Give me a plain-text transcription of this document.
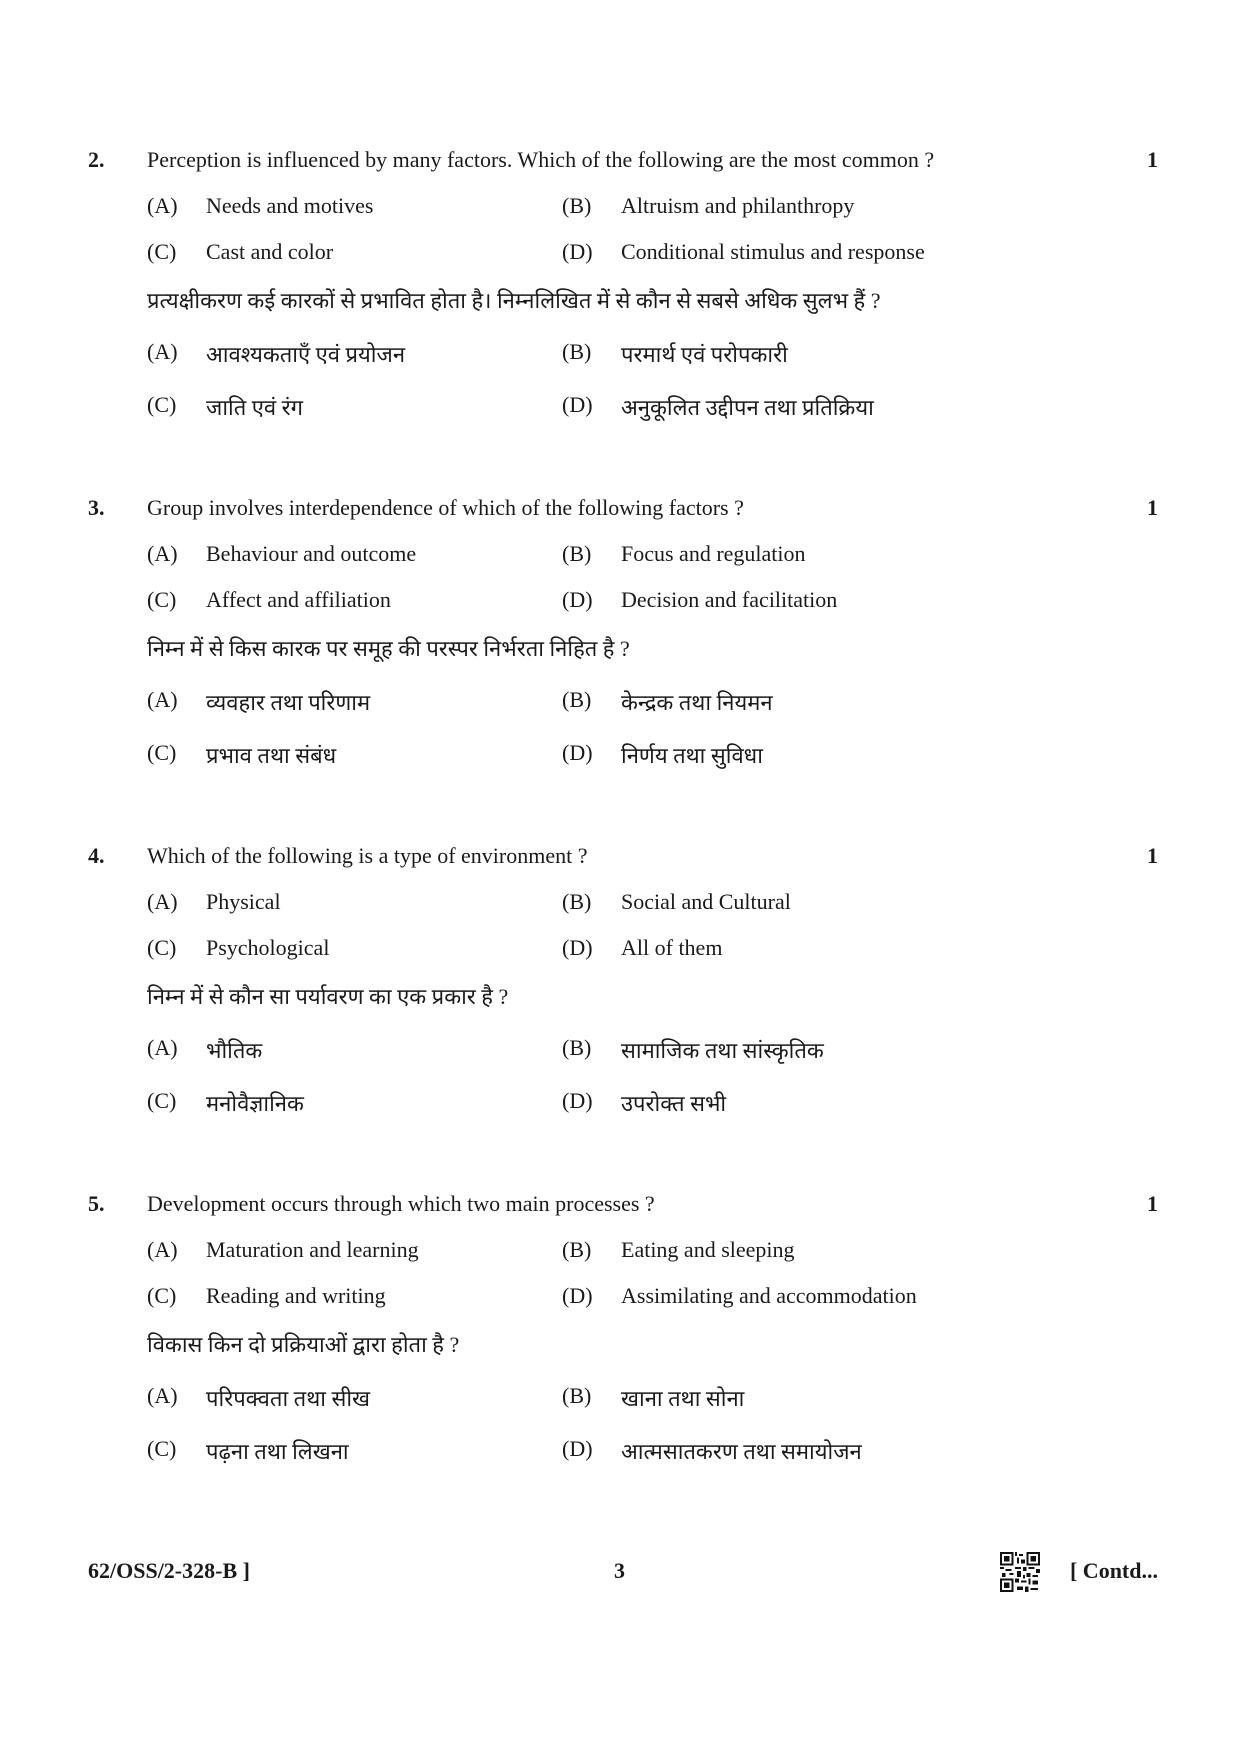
2. Perception is influenced by many factors. Which of the following are the most common ?	1
(A) Needs and motives	(B) Altruism and philanthropy
(C) Cast and color	(D) Conditional stimulus and response
प्रत्यक्षीकरण कई कारकों से प्रभावित होता है। निम्नलिखित में से कौन से सबसे अधिक सुलभ हैं ?
(A) आवश्यकताएँ एवं प्रयोजन	(B) परमार्थ एवं परोपकारी
(C) जाति एवं रंग	(D) अनुकूलित उद्दीपन तथा प्रतिक्रिया
3. Group involves interdependence of which of the following factors ?	1
(A) Behaviour and outcome	(B) Focus and regulation
(C) Affect and affiliation	(D) Decision and facilitation
निम्न में से किस कारक पर समूह की परस्पर निर्भरता निहित है ?
(A) व्यवहार तथा परिणाम	(B) केन्द्रक तथा नियमन
(C) प्रभाव तथा संबंध	(D) निर्णय तथा सुविधा
4. Which of the following is a type of environment ?	1
(A) Physical	(B) Social and Cultural
(C) Psychological	(D) All of them
निम्न में से कौन सा पर्यावरण का एक प्रकार है ?
(A) भौतिक	(B) सामाजिक तथा सांस्कृतिक
(C) मनोवैज्ञानिक	(D) उपरोक्त सभी
5. Development occurs through which two main processes ?	1
(A) Maturation and learning	(B) Eating and sleeping
(C) Reading and writing	(D) Assimilating and accommodation
विकास किन दो प्रक्रियाओं द्वारा होता है ?
(A) परिपक्वता तथा सीख	(B) खाना तथा सोना
(C) पढ़ना तथा लिखना	(D) आत्मसातकरण तथा समायोजन
62/OSS/2-328-B ]	3	[ Contd...
